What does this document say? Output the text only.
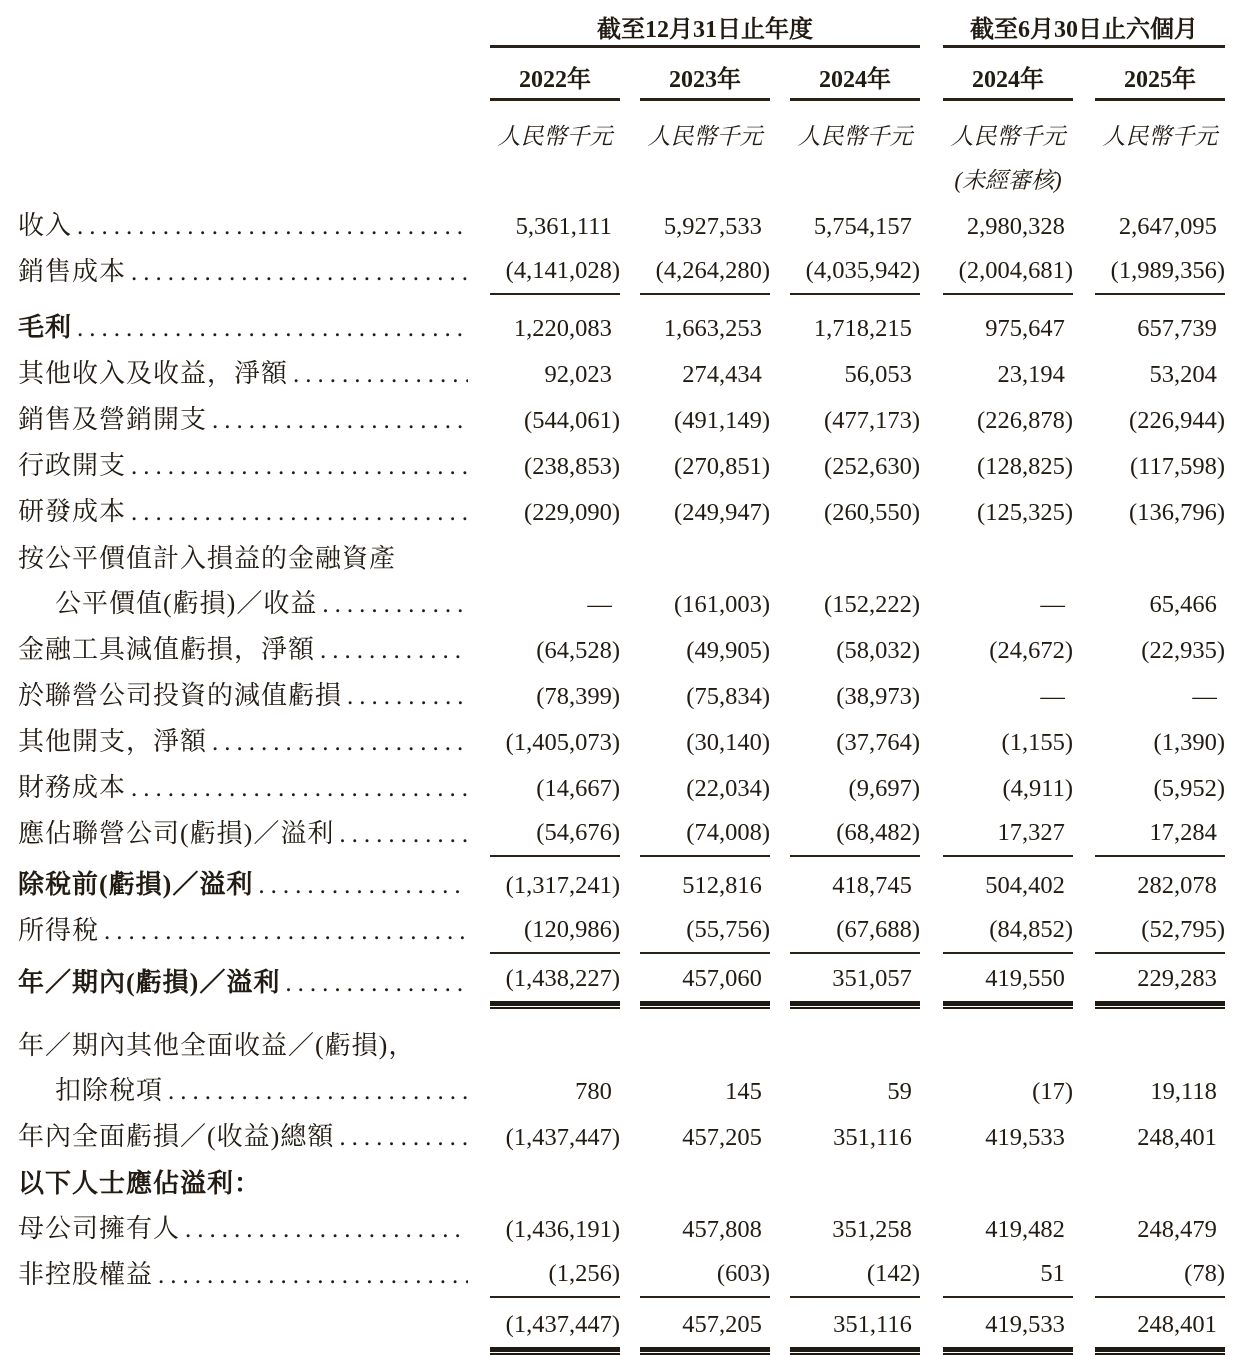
截至12月31日止年度	截至6月30日止六個月
2022年	2023年	2024年	2024年	2025年
人民幣千元	人民幣千元	人民幣千元	人民幣千元	人民幣千元
(未經審核)
收入 .....	5,361,111	5,927,533	5,754,157	2,980,328	2,647,095
銷售成本 .....	(4,141,028)	(4,264,280)	(4,035,942)	(2,004,681)	(1,989,356)
毛利 .....	1,220,083	1,663,253	1,718,215	975,647	657,739
其他收入及收益，淨額 .....	92,023	274,434	56,053	23,194	53,204
銷售及營銷開支 .....	(544,061)	(491,149)	(477,173)	(226,878)	(226,944)
行政開支 .....	(238,853)	(270,851)	(252,630)	(128,825)	(117,598)
研發成本 .....	(229,090)	(249,947)	(260,550)	(125,325)	(136,796)
按公平價值計入損益的金融資產
公平價值(虧損)／收益 .....	—	(161,003)	(152,222)	—	65,466
金融工具減值虧損，淨額 .....	(64,528)	(49,905)	(58,032)	(24,672)	(22,935)
於聯營公司投資的減值虧損 .....	(78,399)	(75,834)	(38,973)	—	—
其他開支，淨額 .....	(1,405,073)	(30,140)	(37,764)	(1,155)	(1,390)
財務成本 .....	(14,667)	(22,034)	(9,697)	(4,911)	(5,952)
應佔聯營公司(虧損)／溢利 .....	(54,676)	(74,008)	(68,482)	17,327	17,284
除稅前(虧損)／溢利 .....	(1,317,241)	512,816	418,745	504,402	282,078
所得稅 .....	(120,986)	(55,756)	(67,688)	(84,852)	(52,795)
年／期內(虧損)／溢利 .....	(1,438,227)	457,060	351,057	419,550	229,283
年／期內其他全面收益／(虧損)，
扣除稅項 .....	780	145	59	(17)	19,118
年內全面虧損／(收益)總額 .....	(1,437,447)	457,205	351,116	419,533	248,401
以下人士應佔溢利：
母公司擁有人 .....	(1,436,191)	457,808	351,258	419,482	248,479
非控股權益 .....	(1,256)	(603)	(142)	51	(78)
(1,437,447)	457,205	351,116	419,533	248,401
